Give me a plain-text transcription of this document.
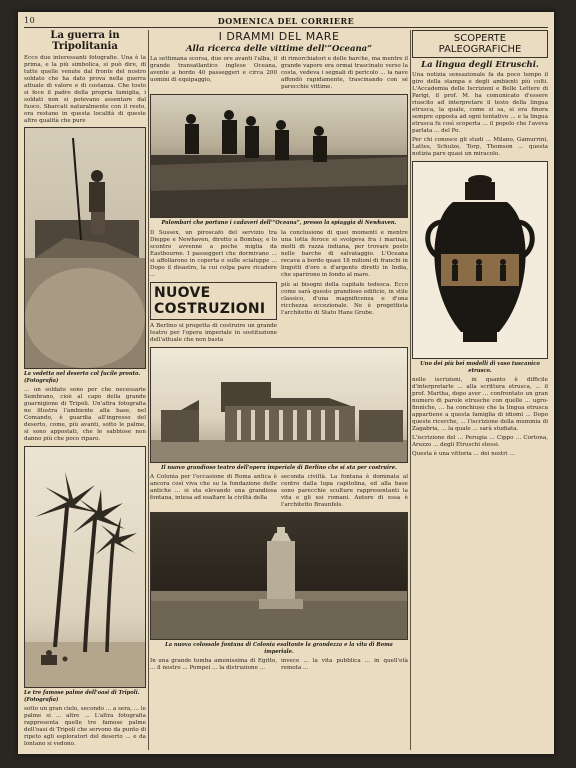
10	DOMENICA DEL CORRIERE
La guerra in Tripolitania

Ecco due interessanti fotografie. Una è la prima, e la più simbolica, si può dire, di tutte quelle venute dal fronte del nostro soldato che ha dato prova nella guerra attuale di valore e di costanza. Che tosto si fece il padre della propria famiglia, i soldati non si potevano assentare dal fuoco. Sbarcati naturalmente con il resto, ora restano in questa località di queste altre qualità che pure

La vedetta nel deserto col fucile pronto. (Fotografia)

... un soldato sono per che necessarie Sembrano, cioè al capo della grande guarnigione di Tripoli. Un'altra fotografia ne illustra l'ambiente alla base, nel Comando, è guardia all'ingresso del deserto, come, più avanti, sotto le palme, si sono appostati, che le sabbiose non danno più che poco riparo.

Le tre famose palme dell'oasi di Tripoli. (Fotografia)

sotto un gran cielo, secondo ... a sera, ... le palme si ... altre ... L'altra fotografia rappresenta quelle tre famose palme dell'oasi di Tripoli che servono da punto di ripeto agli esploratori del deserto ... e da lontano si vedono.

I DRAMMI DEL MARE
Alla ricerca delle vittime dell'“Oceana”

La settimana scorsa, due ore avanti l'alba, il grande transatlantico inglese Oceana, avente a bordo 40 passeggeri e circa 200 uomini di equipaggio,

di rimorchiatori e delle barche, ma mentre il grande vapore era ormai trascinato verso la costa, vedeva i segnali di pericolo ... la nave affondò rapidamente, trascinando con sé parecchie vittime.

Palombari che portano i cadaveri dell'“Oceana”, presso la spiaggia di Newhaven.

Il Sussex, un piroscafo del servizio tra Dieppe e Newhaven, diretto a Bombay, e lo scontro avvenne a poche miglia da Eastbourne. I passeggeri che dormivano ... si affollarono in coperta e sulle scialuppe ... Dopo il disastro, la cui colpa pare ricadere ...

la conclusione di quei momenti e mentre una lotta feroce si svolgeva fra i marinai, molti di razza indiana, per trovare posto nelle barche di salvataggio. L'Oceana recava a bordo quasi 18 milioni di franchi in lingotti d'oro e d'argento diretti in India, che sparirono in fondo al mare.

NUOVE COSTRUZIONI

A Berlino si progetta di costruire un grande teatro per l'opera imperiale in sostituzione dell'attuale che non basta

più ai bisogni della capitale tedesca. Ecco come sarà questo grandioso edificio, in stile classico, d'una magnificenza e d'una ricchezza eccezionale. Ne è progettista l'architetto di Stato Hans Grube.

Il nuovo grandioso teatro dell'opera imperiale di Berlino che si sta per costruire.

A Colonia per l'occasione di Roma antica è ancora così viva che su la fondazione delle antiche ... si sta elevando una grandiosa fontana, intesa ad esaltare la civiltà della

seconda civiltà. La fontana è dominata al centro dalla lupa capitolina, ed alla base sono parecchie sculture rappresentanti la vita e gli usi romani. Autore di essa è l'architetto Braunfels.

La nuova colossale fontana di Colonia esaltante la grandezza e la vita di Roma imperiale.

In una grande tomba amenissima di Egitto, ... il nostro ... Pompei ... la distruzione ...

invece ... la vita pubblica ... in quell'età remota ...

SCOPERTE PALEOGRAFICHE
La lingua degli Etruschi.

Una notizia sensazionale fa da poco tempo il giro della stampa e degli ambienti più colti. L'Accademia delle Iscrizioni e Belle Lettere di Parigi, il prof. M. ha comunicato d'essere riuscito ad interpretare il testo della lingua etrusca, la quale, come si sa, si era finora sempre opposta ad ogni tentativo ... e la lingua etrusca fu così scoperta ... il popolo che l'aveva parlata ... del Po.

Per chi conosce gli studi ... Milano, Gamurrini, Lattes, Schulze, Torp, Thomson ... questa notizia pare quasi un miracolo.

Uno dei più bei modelli di vaso tuscanico etrusco.

nelle iscrizioni, in quanto è difficile d'interpretarle ... alla scrittura etrusca, ... il prof. Martha, dopo aver ... confrontato un gran numero di parole etrusche con quelle ... ugro-finniche, ... ha conchiuso che la lingua etrusca appartiene a questa famiglia di idiomi ... Dopo queste ricerche, ... l'iscrizione della mummia di Zagabria, ... la quale ... sarà studiata.

L'iscrizione del ... Perugia ... Cippo ... Cortona, Arezzo ... degli Etruschi stessi.

Questa è una vittoria ... dei nostri ...
